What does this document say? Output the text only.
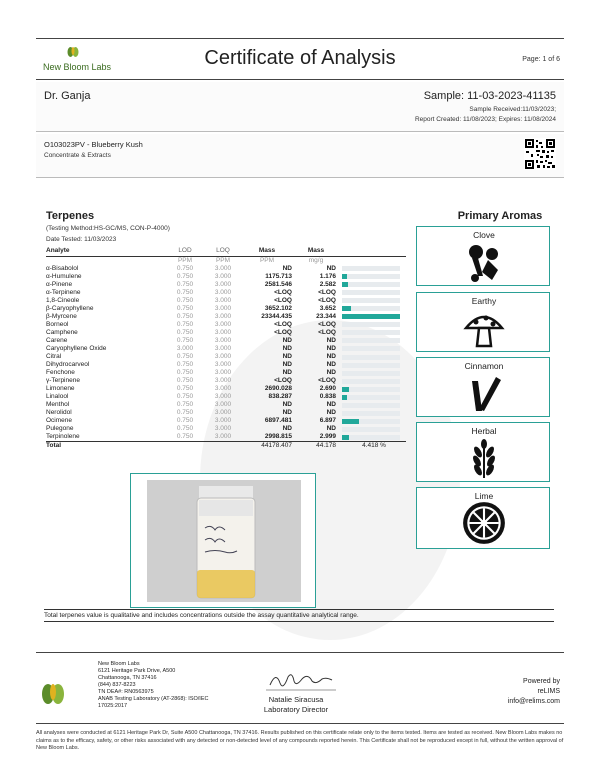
New Bloom Labs	Certificate of Analysis	Page: 1 of 6
Dr. Ganja	Sample: 11-03-2023-41135
Sample Received:11/03/2023;
Report Created: 11/08/2023; Expires: 11/08/2024
O103023PV - Blueberry Kush
Concentrate & Extracts
Terpenes
(Testing Method:HS-GC/MS, CON-P-4000)
Date Tested: 11/03/2023
Analyte	LOD	LOQ	Mass	Mass	
	PPM	PPM	PPM	mg/g	
α-Bisabolol	0.750	3.000	ND	ND	

α-Humulene	0.750	3.000	1175.713	1.176	

α-Pinene	0.750	3.000	2581.546	2.582	

α-Terpinene	0.750	3.000	<LOQ	<LOQ	

1,8-Cineole	0.750	3.000	<LOQ	<LOQ	

β-Caryophyllene	0.750	3.000	3652.102	3.652	

β-Myrcene	0.750	3.000	23344.435	23.344	

Borneol	0.750	3.000	<LOQ	<LOQ	

Camphene	0.750	3.000	<LOQ	<LOQ	

Carene	0.750	3.000	ND	ND	

Caryophyllene Oxide	3.000	3.000	ND	ND	

Citral	0.750	3.000	ND	ND	

Dihydrocarveol	0.750	3.000	ND	ND	

Fenchone	0.750	3.000	ND	ND	

γ-Terpinene	0.750	3.000	<LOQ	<LOQ	

Limonene	0.750	3.000	2690.028	2.690	

Linalool	0.750	3.000	838.287	0.838	

Menthol	0.750	3.000	ND	ND	

Nerolidol	0.750	3.000	ND	ND	

Ocimene	0.750	3.000	6897.481	6.897	

Pulegone	0.750	3.000	ND	ND	

Terpinolene	0.750	3.000	2998.815	2.999	

Total			44178.407	44.178	4.418 %
Primary Aromas
Clove
Earthy
Cinnamon
Herbal
Lime
Total terpenes value is qualitative and includes concentrations outside the assay quantitative analytical range.
New Bloom Labs
6121 Heritage Park Drive, A500
Chattanooga, TN 37416
(844) 837-8223
TN DEA#: RN0563975
ANAB Testing Laboratory (AT-2868): ISO/IEC
17025:2017
Natalie Siracusa
Laboratory Director
Powered by
reLIMS
info@relims.com
All analyses were conducted at 6121 Heritage Park Dr, Suite A500 Chattanooga, TN 37416. Results published on this certificate relate only to the items tested. Items are tested as received. New Bloom Labs makes no claims as to the efficacy, safety, or other risks associated with any detected or non-detected level of any compounds reported herein. This Certificate shall not be reproduced except in full, without the written approval of New Bloom Labs.
